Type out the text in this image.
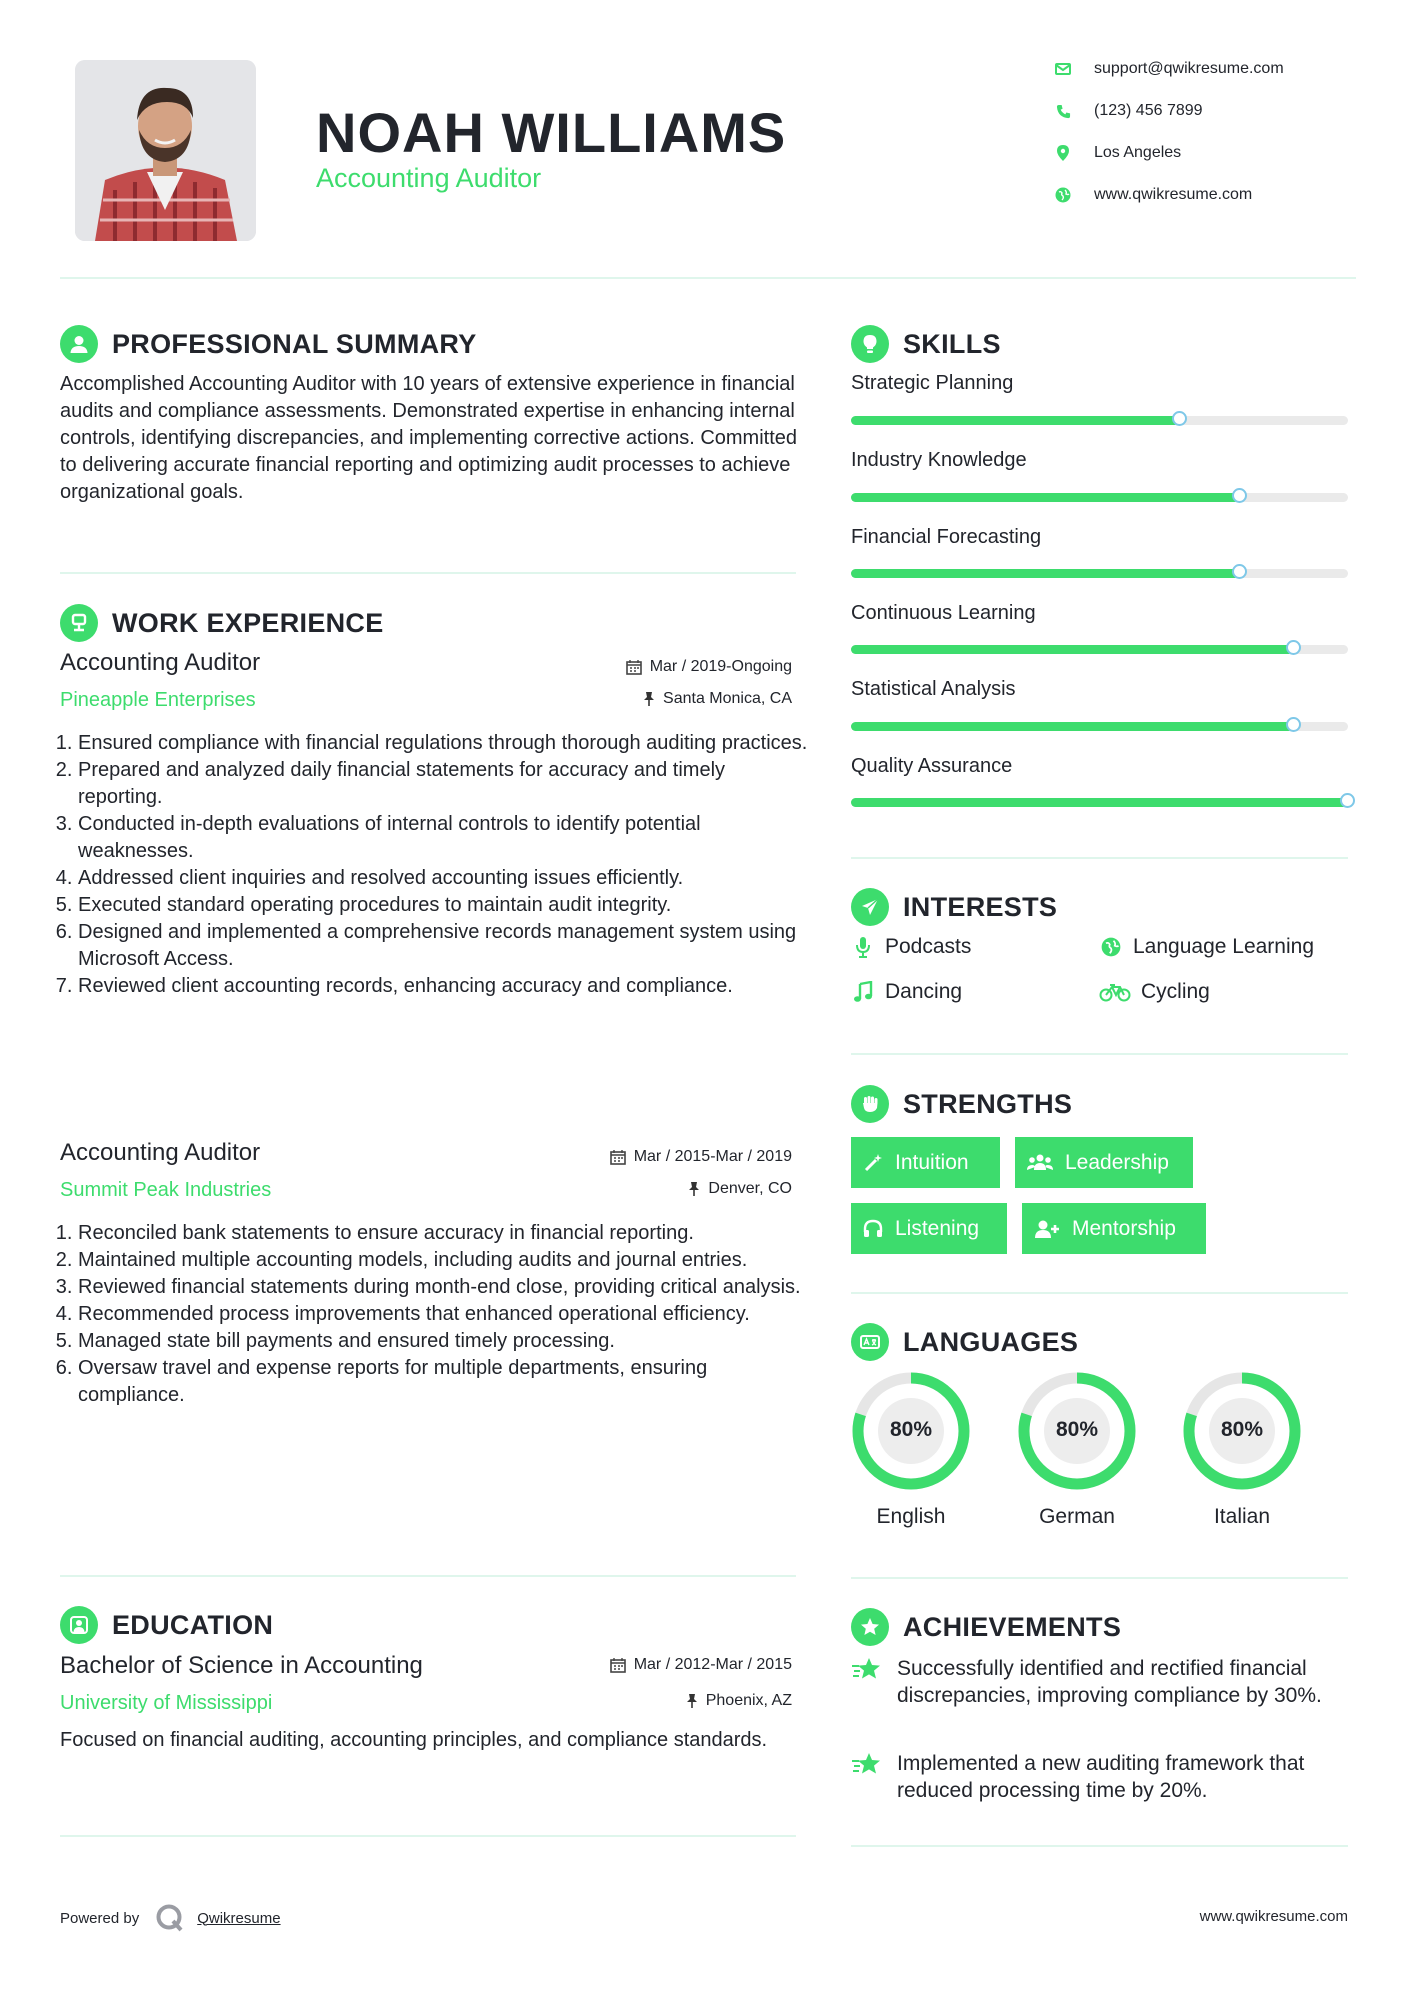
NOAH WILLIAMS
Accounting Auditor
support@qwikresume.com
(123) 456 7899
Los Angeles
www.qwikresume.com
PROFESSIONAL SUMMARY
Accomplished Accounting Auditor with 10 years of extensive experience in financial audits and compliance assessments. Demonstrated expertise in enhancing internal controls, identifying discrepancies, and implementing corrective actions. Committed to delivering accurate financial reporting and optimizing audit processes to achieve organizational goals.
WORK EXPERIENCE
Accounting Auditor
Pineapple Enterprises
Mar / 2019-Ongoing
Santa Monica, CA
1. Ensured compliance with financial regulations through thorough auditing practices.
2. Prepared and analyzed daily financial statements for accuracy and timely reporting.
3. Conducted in-depth evaluations of internal controls to identify potential weaknesses.
4. Addressed client inquiries and resolved accounting issues efficiently.
5. Executed standard operating procedures to maintain audit integrity.
6. Designed and implemented a comprehensive records management system using Microsoft Access.
7. Reviewed client accounting records, enhancing accuracy and compliance.
Accounting Auditor
Summit Peak Industries
Mar / 2015-Mar / 2019
Denver, CO
1. Reconciled bank statements to ensure accuracy in financial reporting.
2. Maintained multiple accounting models, including audits and journal entries.
3. Reviewed financial statements during month-end close, providing critical analysis.
4. Recommended process improvements that enhanced operational efficiency.
5. Managed state bill payments and ensured timely processing.
6. Oversaw travel and expense reports for multiple departments, ensuring compliance.
EDUCATION
Bachelor of Science in Accounting
University of Mississippi
Mar / 2012-Mar / 2015
Phoenix, AZ
Focused on financial auditing, accounting principles, and compliance standards.
SKILLS
Strategic Planning
Industry Knowledge
Financial Forecasting
Continuous Learning
Statistical Analysis
Quality Assurance
INTERESTS
Podcasts	Language Learning
Dancing	Cycling
STRENGTHS
Intuition	Leadership
Listening	Mentorship
LANGUAGES
80%
English
80%
German
80%
Italian
ACHIEVEMENTS
Successfully identified and rectified financial discrepancies, improving compliance by 30%.
Implemented a new auditing framework that reduced processing time by 20%.
Powered by	Qwikresume	www.qwikresume.com
